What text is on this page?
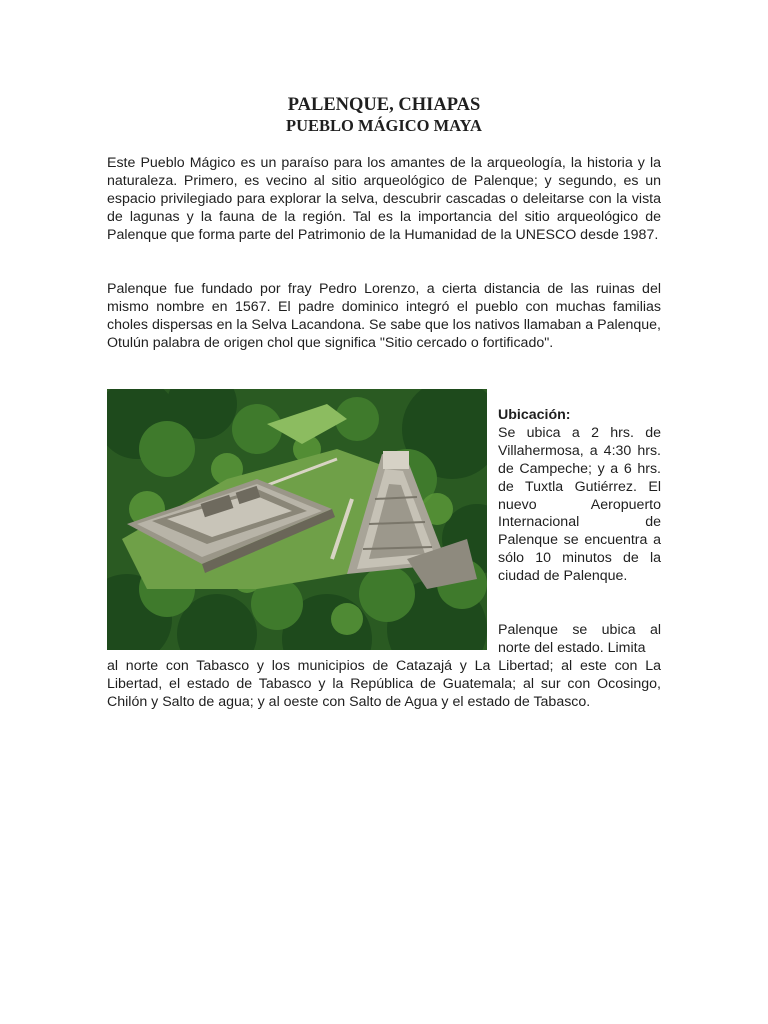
PALENQUE, CHIAPAS
PUEBLO MÁGICO MAYA

Este Pueblo Mágico es un paraíso para los amantes de la arqueología, la historia y la naturaleza. Primero, es vecino al sitio arqueológico de Palenque; y segundo, es un espacio privilegiado para explorar la selva, descubrir cascadas o deleitarse con la vista de lagunas y la fauna de la región. Tal es la importancia del sitio arqueológico de Palenque que forma parte del Patrimonio de la Humanidad de la UNESCO desde 1987.

Palenque fue fundado por fray Pedro Lorenzo, a cierta distancia de las ruinas del mismo nombre en 1567. El padre dominico integró el pueblo con muchas familias choles dispersas en la Selva Lacandona. Se sabe que los nativos llamaban a Palenque, Otulún palabra de origen chol que significa "Sitio cercado o fortificado".

Ubicación:
Se ubica a 2 hrs. de Villahermosa, a 4:30 hrs. de Campeche; y a 6 hrs. de Tuxtla Gutiérrez. El nuevo Aeropuerto Internacional de Palenque se encuentra a sólo 10 minutos de la ciudad de Palenque.

Palenque se ubica al norte del estado. Limita

al norte con Tabasco y los municipios de Catazajá y La Libertad; al este con La Libertad, el estado de Tabasco y la República de Guatemala; al sur con Ocosingo, Chilón y Salto de agua; y al oeste con Salto de Agua y el estado de Tabasco.
